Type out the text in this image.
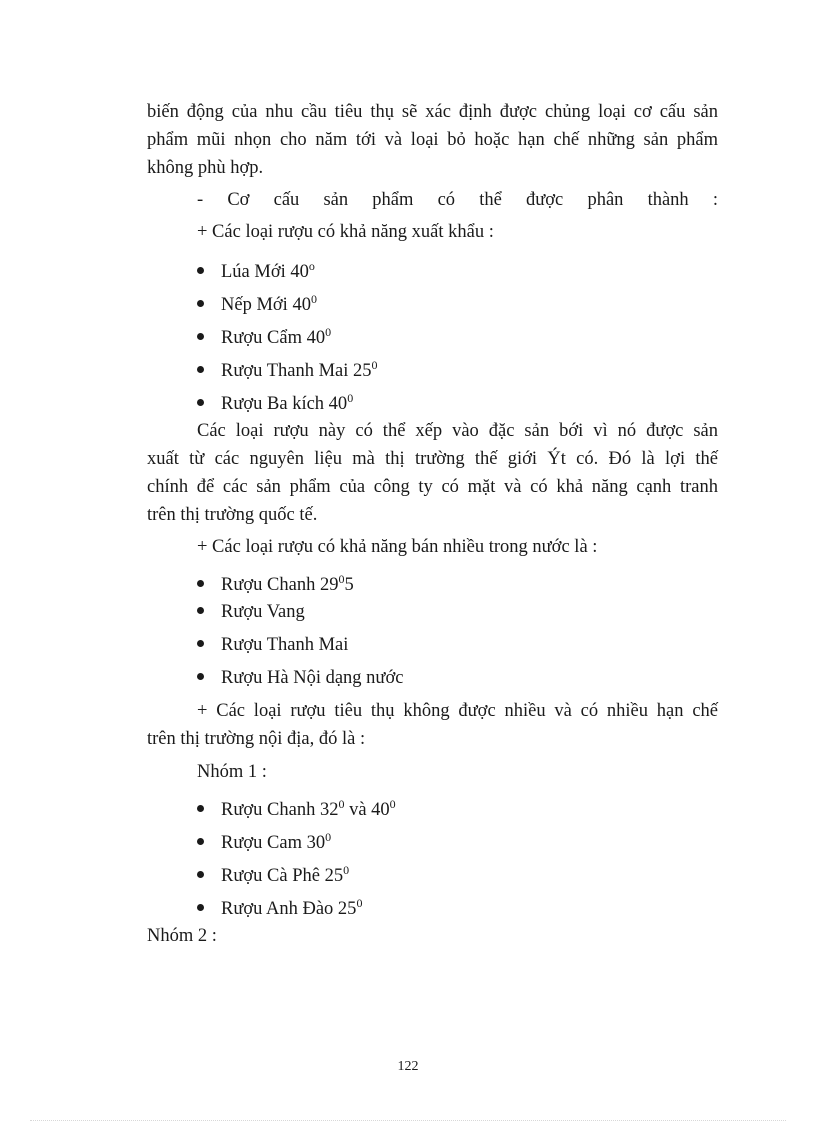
biến động của nhu cầu tiêu thụ sẽ xác định được chủng loại cơ cấu sản
phẩm mũi nhọn cho năm tới và loại bỏ hoặc hạn chế những sản phẩm
không phù hợp.
- Cơ cấu sản phẩm có thể được phân thành :
+ Các loại rượu có khả năng xuất khẩu :
Lúa Mới 40$^o$
Nếp Mới $40^0$
Rượu Cẩm $40^0$
Rượu Thanh Mai $25^0$
Rượu Ba kích $40^0$
Các loại rượu này có thể xếp vào đặc sản bới vì nó được sản
xuất từ các nguyên liệu mà thị trường thế giới Ýt có. Đó là lợi thế
chính để các sản phẩm của công ty có mặt và có khả năng cạnh tranh
trên thị trường quốc tế.
+ Các loại rượu có khả năng bán nhiều trong nước là :
Rượu Chanh $29^05$
Rượu Vang
Rượu Thanh Mai
Rượu Hà Nội dạng nước
+ Các loại rượu tiêu thụ không được nhiều và có nhiều hạn chế
trên thị trường nội địa, đó là :
Nhóm 1 :
Rượu Chanh $32^0$ và $40^0$
Rượu Cam $30^0$
Rượu Cà Phê $25^0$
Rượu Anh Đào $25^0$
Nhóm 2 :
122
